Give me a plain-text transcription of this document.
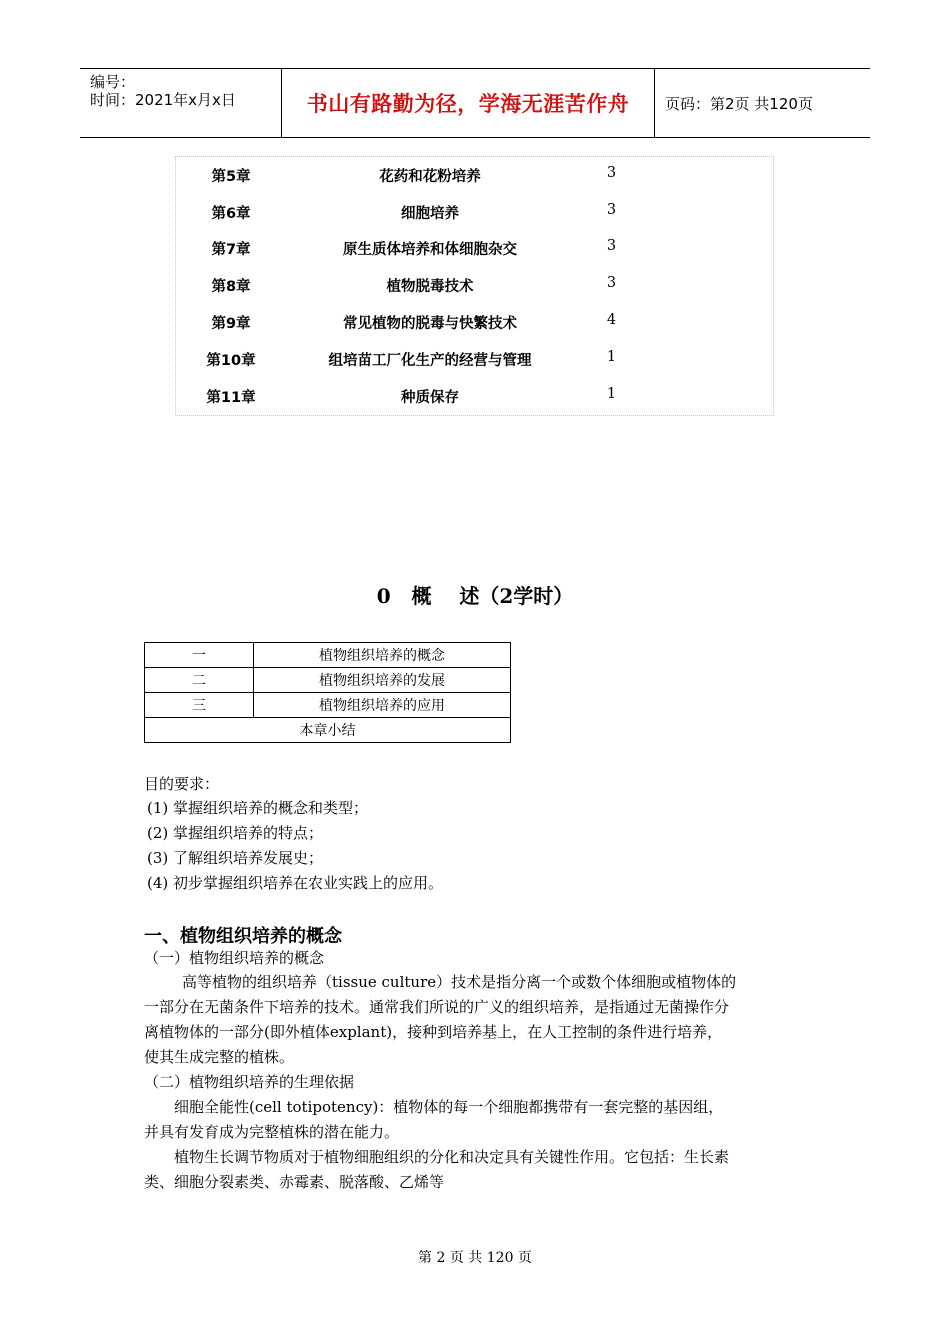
编号：
时间：2021年x月x日	书山有路勤为径，学海无涯苦作舟 页码：第2页 共120页
第5章	花药和花粉培养	3
第6章	细胞培养	3
第7章	原生质体培养和体细胞杂交	3
第8章	植物脱毒技术	3
第9章	常见植物的脱毒与快繁技术	4
第10章	组培苗工厂化生产的经营与管理	1
第11章	种质保存	1
0   概    述（2学时）
一	植物组织培养的概念
二	植物组织培养的发展
三	植物组织培养的应用
本章小结	
目的要求：
(1) 掌握组织培养的概念和类型；
(2) 掌握组织培养的特点；
(3) 了解组织培养发展史；
(4) 初步掌握组织培养在农业实践上的应用。
一、植物组织培养的概念
（一）植物组织培养的概念
高等植物的组织培养（tissue culture）技术是指分离一个或数个体细胞或植物体的
一部分在无菌条件下培养的技术。通常我们所说的广义的组织培养，是指通过无菌操作分
离植物体的一部分(即外植体explant)，接种到培养基上，在人工控制的条件进行培养，
使其生成完整的植株。
（二）植物组织培养的生理依据
细胞全能性(cell totipotency)：植物体的每一个细胞都携带有一套完整的基因组，
并具有发育成为完整植株的潜在能力。
植物生长调节物质对于植物细胞组织的分化和决定具有关键性作用。它包括：生长素
类、细胞分裂素类、赤霉素、脱落酸、乙烯等
第 2 页 共 120 页
